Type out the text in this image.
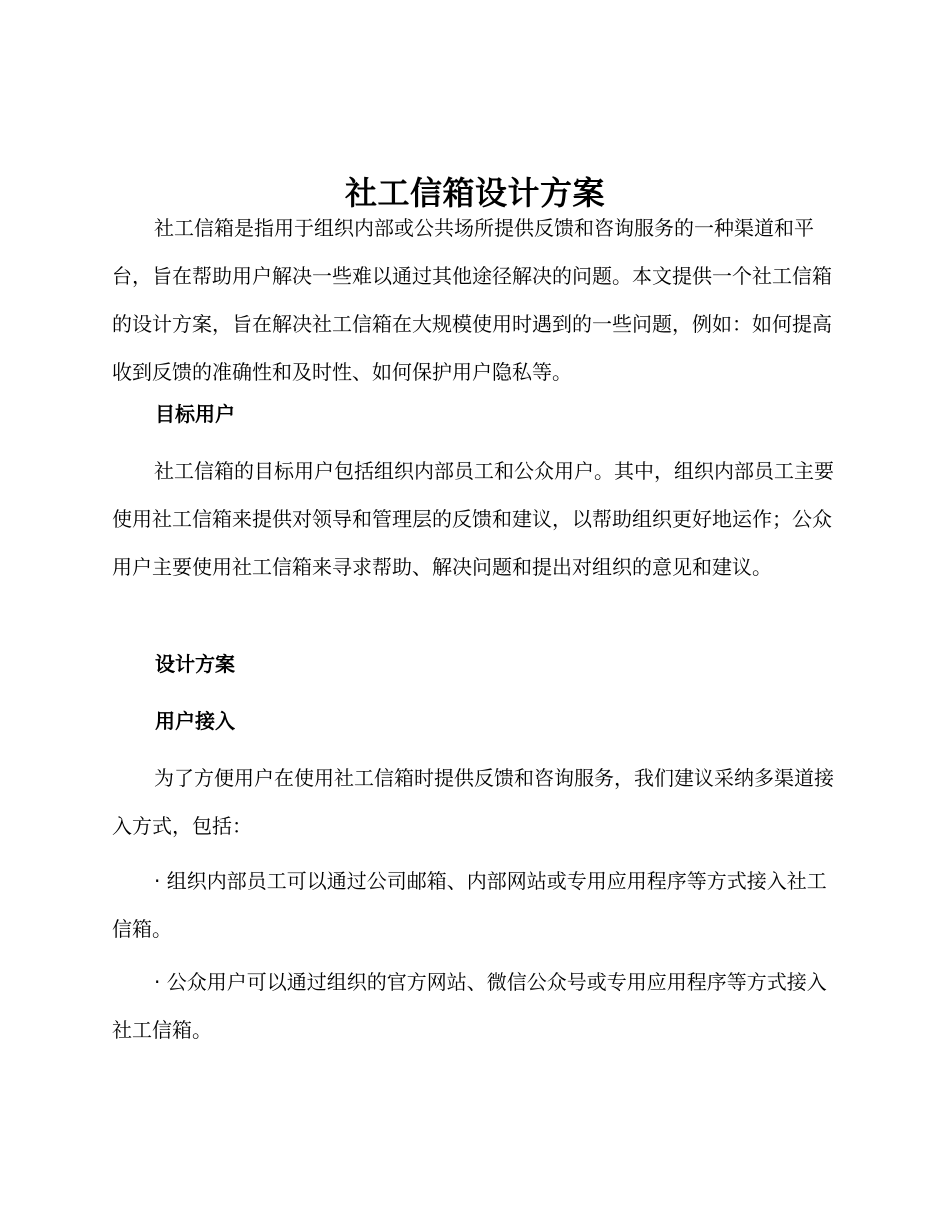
社工信箱设计方案

社工信箱是指用于组织内部或公共场所提供反馈和咨询服务的一种渠道和平台，旨在帮助用户解决一些难以通过其他途径解决的问题。本文提供一个社工信箱的设计方案，旨在解决社工信箱在大规模使用时遇到的一些问题，例如：如何提高收到反馈的准确性和及时性、如何保护用户隐私等。

目标用户

社工信箱的目标用户包括组织内部员工和公众用户。其中，组织内部员工主要使用社工信箱来提供对领导和管理层的反馈和建议，以帮助组织更好地运作；公众用户主要使用社工信箱来寻求帮助、解决问题和提出对组织的意见和建议。

设计方案
用户接入

为了方便用户在使用社工信箱时提供反馈和咨询服务，我们建议采纳多渠道接入方式，包括：

· 组织内部员工可以通过公司邮箱、内部网站或专用应用程序等方式接入社工信箱。

· 公众用户可以通过组织的官方网站、微信公众号或专用应用程序等方式接入社工信箱。
